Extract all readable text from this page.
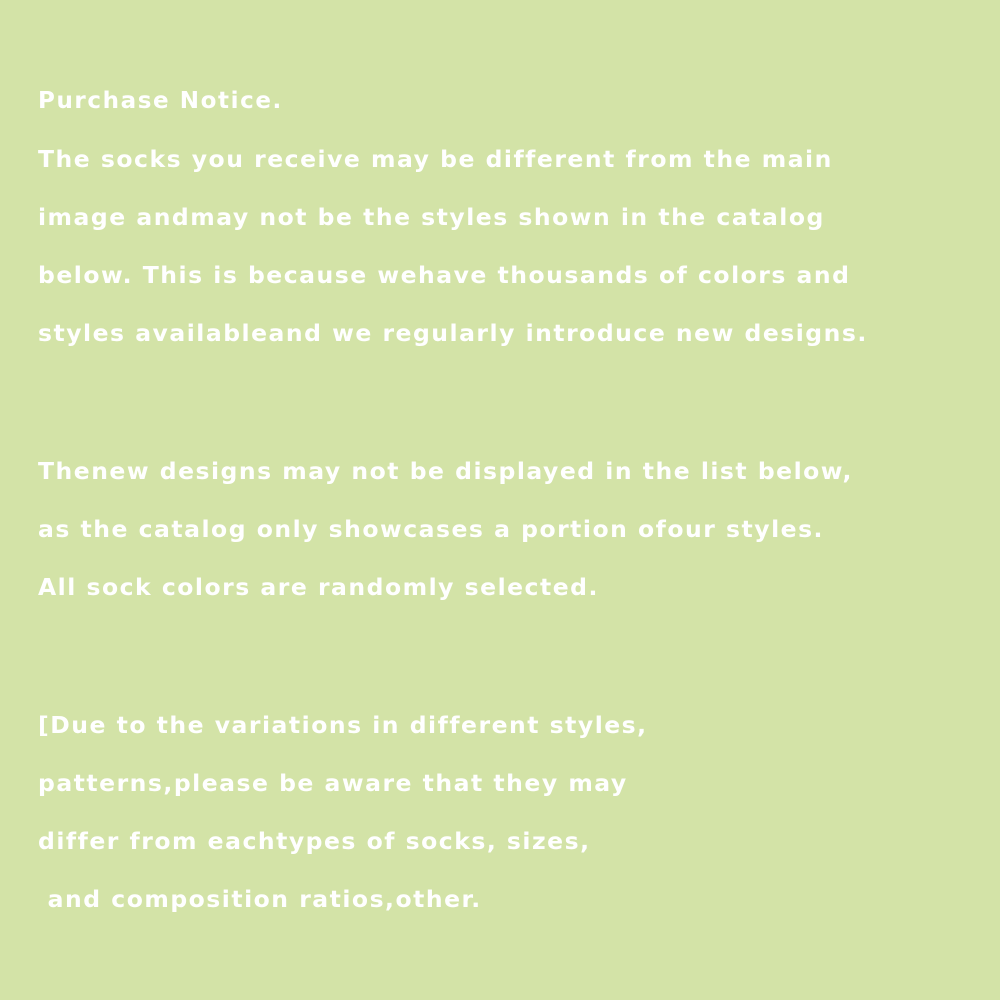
Purchase Notice.
The socks you receive may be different from the main
image andmay not be the styles shown in the catalog
below. This is because wehave thousands of colors and
styles availableand we regularly introduce new designs.
Thenew designs may not be displayed in the list below,
as the catalog only showcases a portion ofour styles.
All sock colors are randomly selected.
[Due to the variations in different styles,
patterns,please be aware that they may
differ from eachtypes of socks, sizes,
and composition ratios,other.
